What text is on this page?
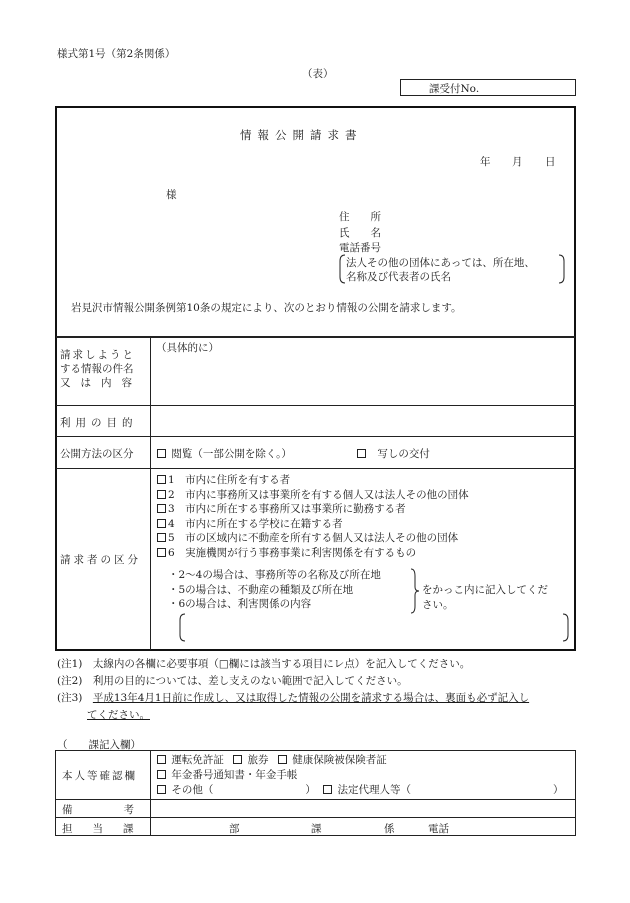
様式第1号（第2条関係）
（表）
課受付No.
情報公開請求書
年 月 日
様
住　　所
氏　　名
電話番号
法人その他の団体にあっては、所在地、
名称及び代表者の氏名
岩見沢市情報公開条例第10条の規定により、次のとおり情報の公開を請求します。
請求しようと
する情報の件名
又は内容
（具体的に）
利用の目的
公開方法の区分	閲覧（一部公開を除く。）	写しの交付
請求者の区分
1　市内に住所を有する者
2　市内に事務所又は事業所を有する個人又は法人その他の団体
3　市内に所在する事務所又は事業所に勤務する者
4　市内に所在する学校に在籍する者
5　市の区域内に不動産を所有する個人又は法人その他の団体
6　実施機関が行う事務事業に利害関係を有するもの
・2～4の場合は、事務所等の名称及び所在地
・5の場合は、不動産の種類及び所在地
・6の場合は、利害関係の内容
をかっこ内に記入してくだ
さい。
(注1)　 太線内の各欄に必要事項（□欄には該当する項目にレ点）を記入してください。
(注2)　 利用の目的については、差し支えのない範囲で記入してください。
(注3)　 平成13年4月1日前に作成し、又は取得した情報の公開を請求する場合は、裏面も必ず記入し
てください。
（　　課記入欄）
本人等確認欄
運転免許証 旅券 健康保険被保険者証
年金番号通知書・年金手帳
その他（	） 法定代理人等（	）
備　　考
担当課	部	課	係	電話
